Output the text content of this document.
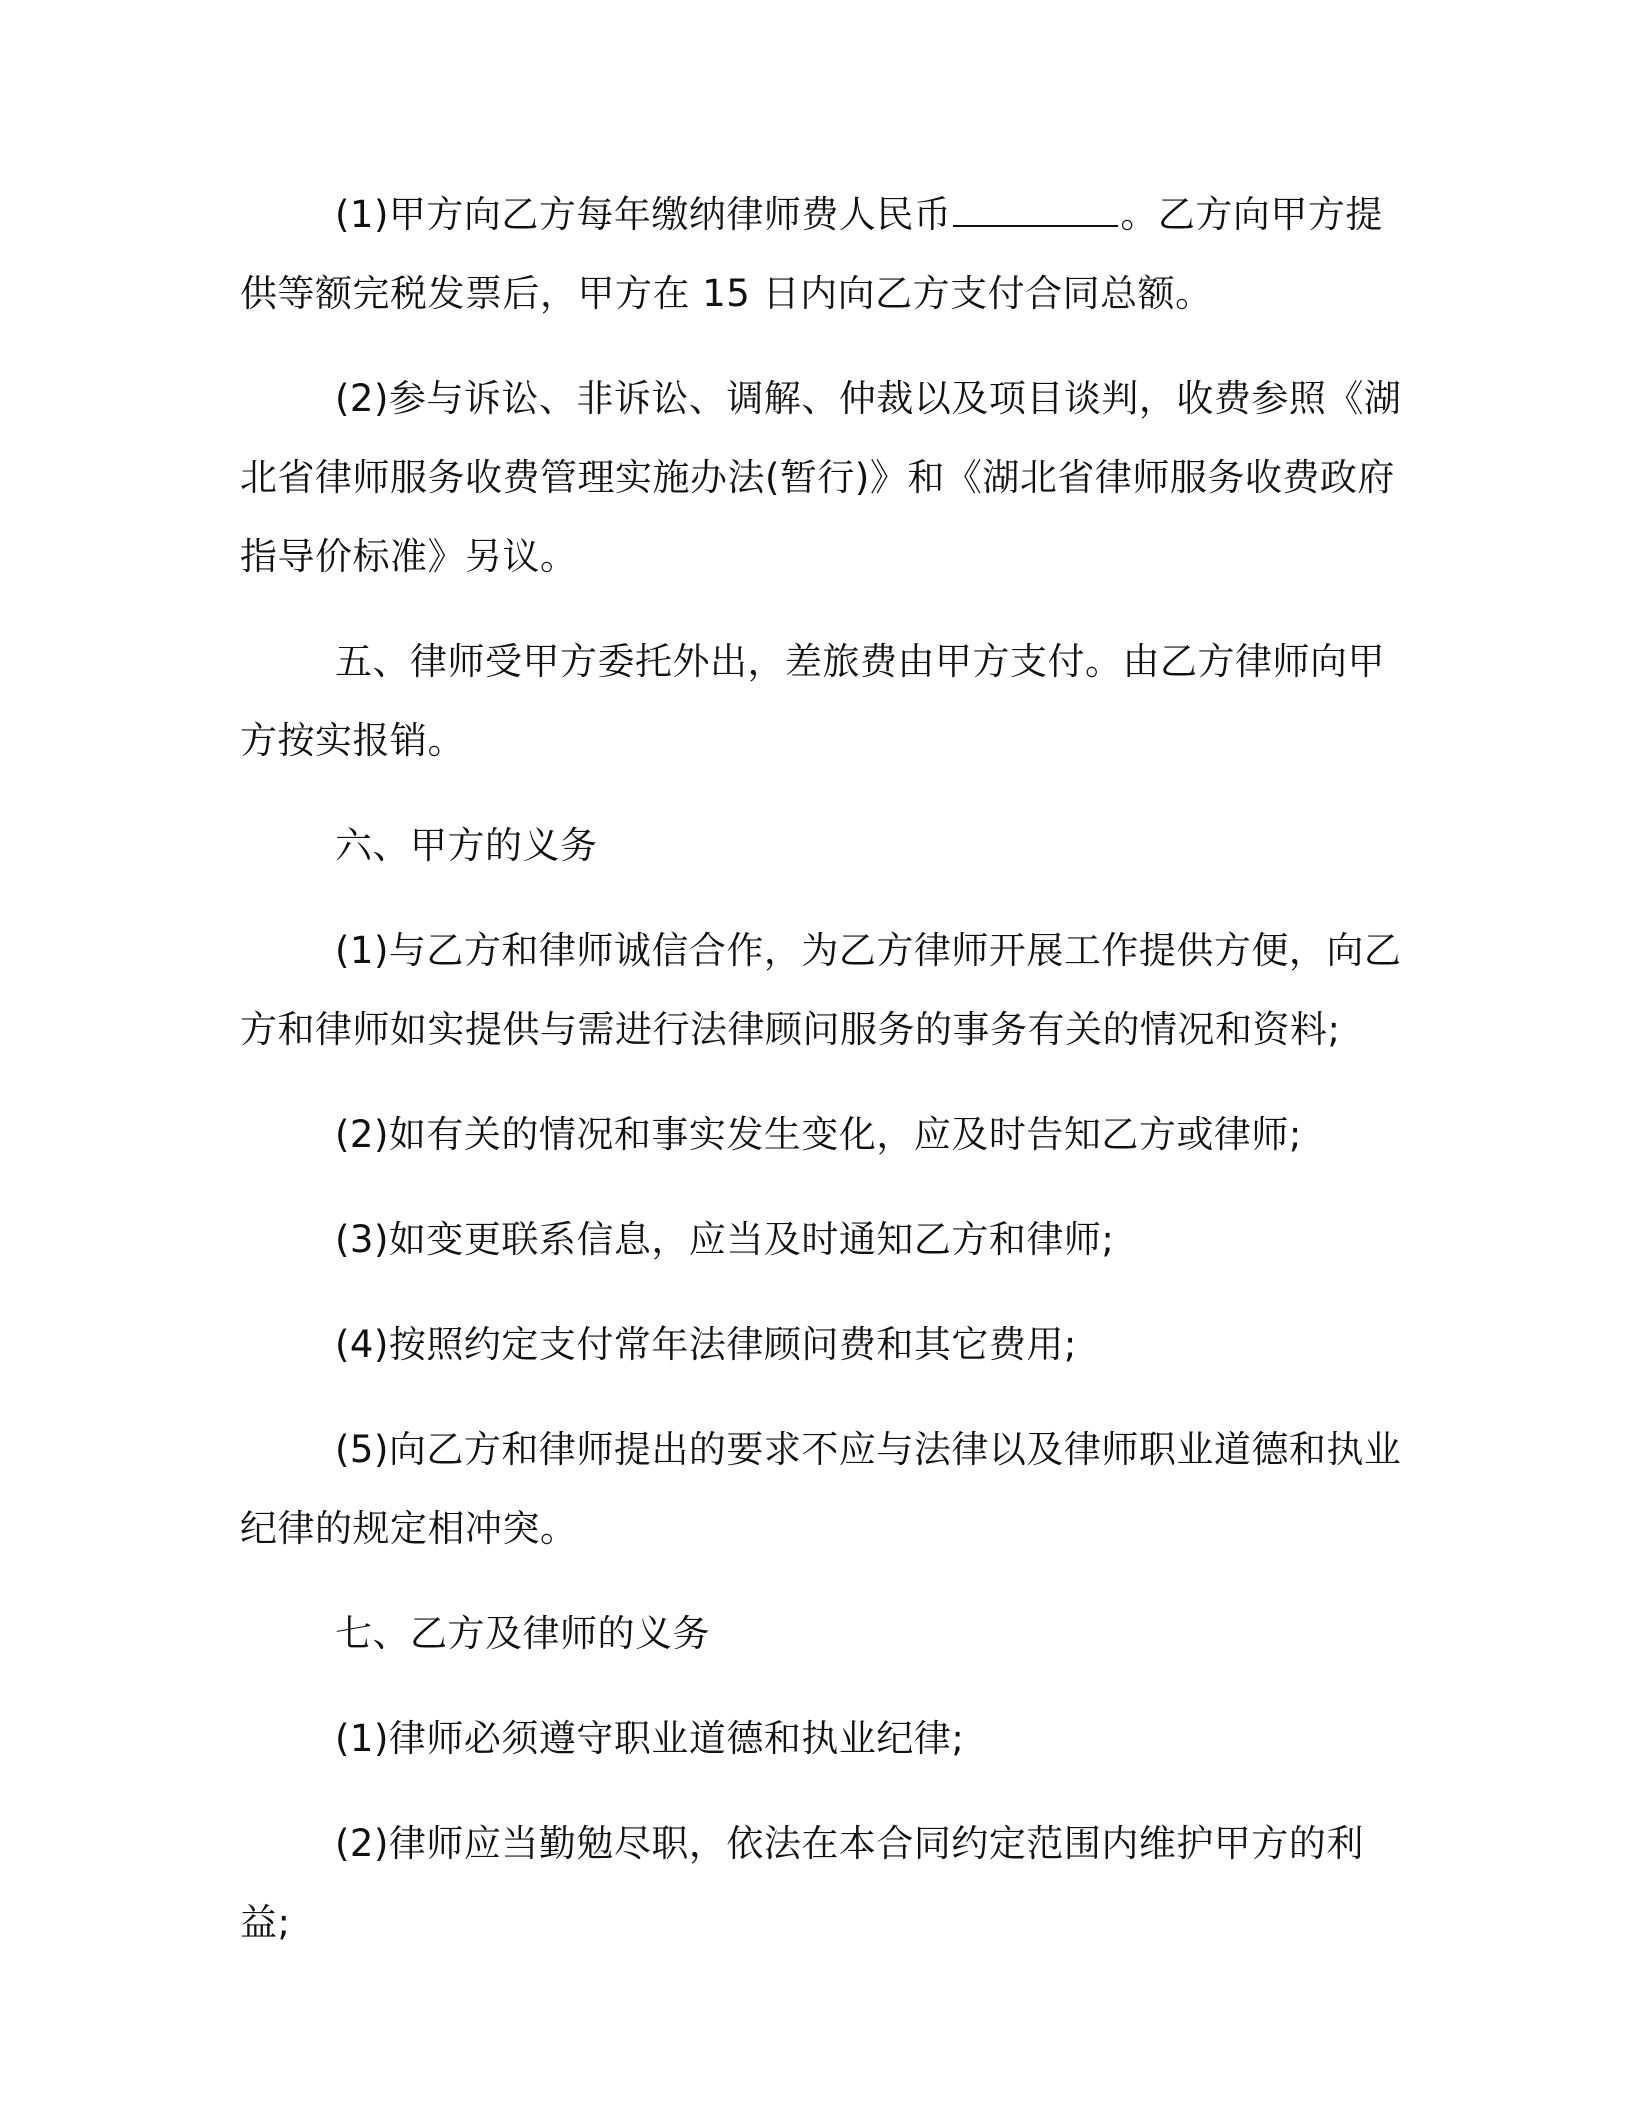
(1)甲方向乙方每年缴纳律师费人民币	。乙方向甲方提供等额完税发票后，甲方在 15 日内向乙方支付合同总额。

(2)参与诉讼、非诉讼、调解、仲裁以及项目谈判，收费参照《湖北省律师服务收费管理实施办法(暂行)》和《湖北省律师服务收费政府指导价标准》另议。

五、律师受甲方委托外出，差旅费由甲方支付。由乙方律师向甲方按实报销。

六、甲方的义务

(1)与乙方和律师诚信合作，为乙方律师开展工作提供方便，向乙方和律师如实提供与需进行法律顾问服务的事务有关的情况和资料;

(2)如有关的情况和事实发生变化，应及时告知乙方或律师;

(3)如变更联系信息，应当及时通知乙方和律师;

(4)按照约定支付常年法律顾问费和其它费用;

(5)向乙方和律师提出的要求不应与法律以及律师职业道德和执业纪律的规定相冲突。

七、乙方及律师的义务

(1)律师必须遵守职业道德和执业纪律;

(2)律师应当勤勉尽职，依法在本合同约定范围内维护甲方的利益;
